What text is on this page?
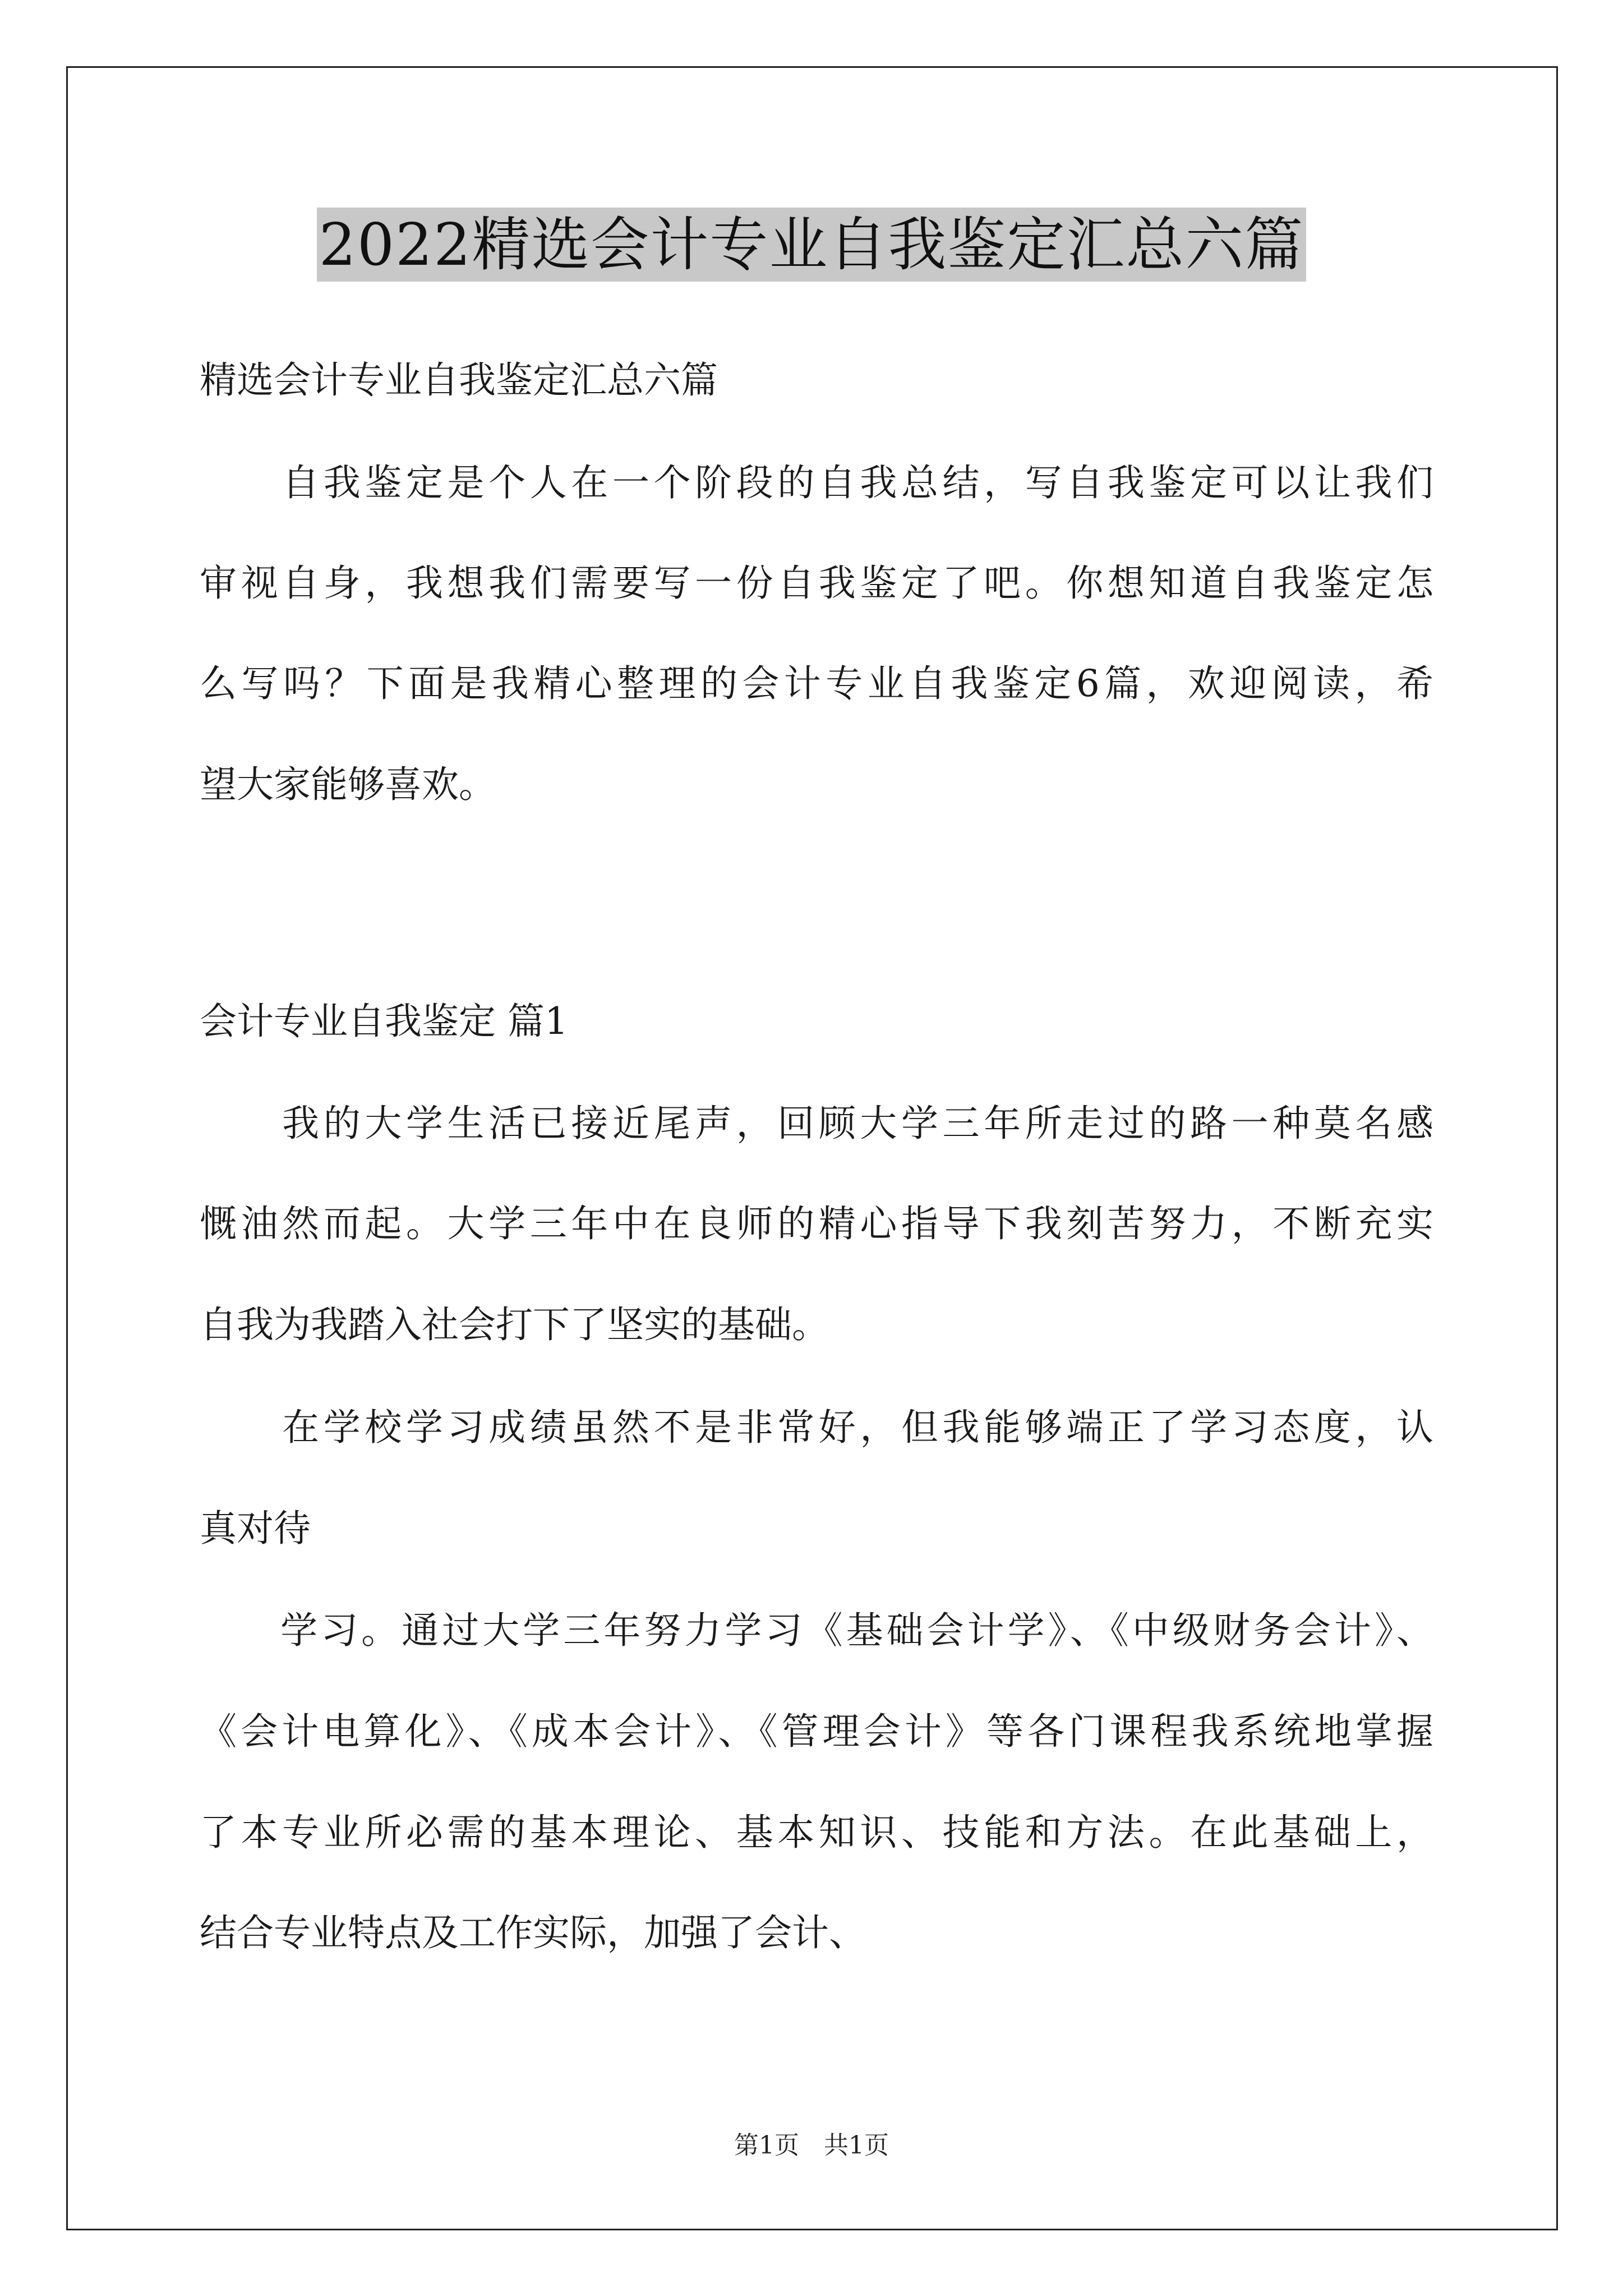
2022精选会计专业自我鉴定汇总六篇
精选会计专业自我鉴定汇总六篇
　　自我鉴定是个人在一个阶段的自我总结，写自我鉴定可以让我们
审视自身，我想我们需要写一份自我鉴定了吧。你想知道自我鉴定怎
么写吗？下面是我精心整理的会计专业自我鉴定6篇，欢迎阅读，希
望大家能够喜欢。
会计专业自我鉴定 篇1
　　我的大学生活已接近尾声，回顾大学三年所走过的路一种莫名感
慨油然而起。大学三年中在良师的精心指导下我刻苦努力，不断充实
自我为我踏入社会打下了坚实的基础。
　　在学校学习成绩虽然不是非常好，但我能够端正了学习态度，认
真对待
　　学习。通过大学三年努力学习《基础会计学》、《中级财务会计》、
《会计电算化》、《成本会计》、《管理会计》等各门课程我系统地掌握
了本专业所必需的基本理论、基本知识、技能和方法。在此基础上，
结合专业特点及工作实际，加强了会计、
第1页　共1页
